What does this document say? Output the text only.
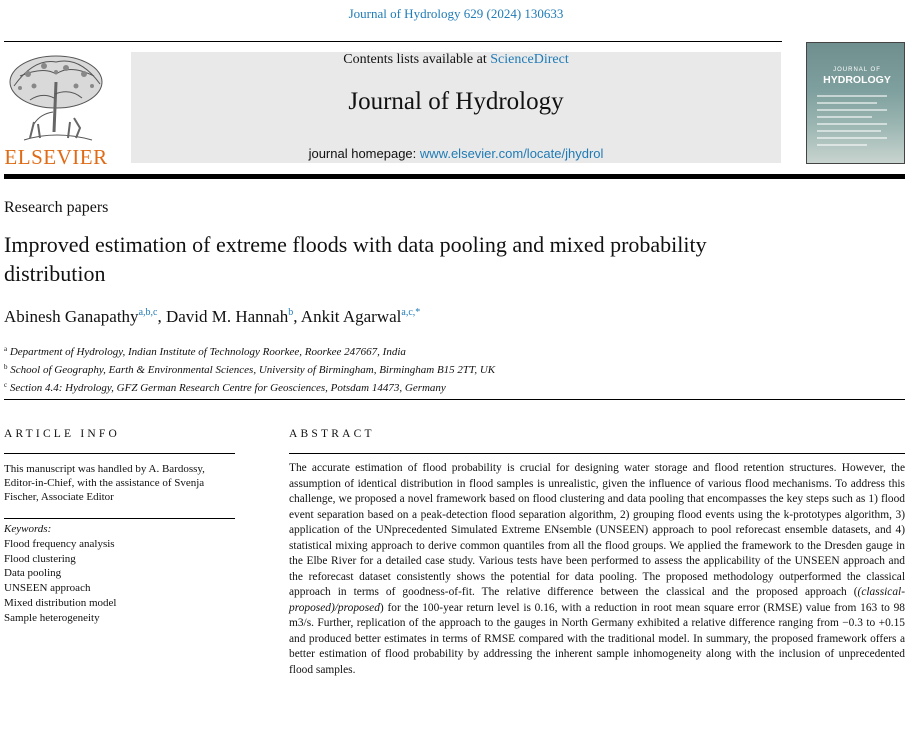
Journal of Hydrology 629 (2024) 130633
ELSEVIER
Contents lists available at ScienceDirect
Journal of Hydrology
journal homepage: www.elsevier.com/locate/jhydrol
JOURNAL OF
HYDROLOGY
Research papers
Improved estimation of extreme floods with data pooling and mixed probability distribution
Abinesh Ganapathy$^{a,b,c}$, David M. Hannah$^b$, Ankit Agarwal$^{a,c,*}$
$^a$ Department of Hydrology, Indian Institute of Technology Roorkee, Roorkee 247667, India
$^b$ School of Geography, Earth & Environmental Sciences, University of Birmingham, Birmingham B15 2TT, UK
$^c$ Section 4.4: Hydrology, GFZ German Research Centre for Geosciences, Potsdam 14473, Germany
ARTICLE INFO	ABSTRACT
This manuscript was handled by A. Bardossy, Editor-in-Chief, with the assistance of Svenja Fischer, Associate Editor
Keywords:
Flood frequency analysis
Flood clustering
Data pooling
UNSEEN approach
Mixed distribution model
Sample heterogeneity
The accurate estimation of flood probability is crucial for designing water storage and flood retention structures. However, the assumption of identical distribution in flood samples is unrealistic, given the influence of various flood mechanisms. To address this challenge, we proposed a novel framework based on flood clustering and data pooling that encompasses the key steps such as 1) flood event separation based on a peak-detection flood separation algorithm, 2) grouping flood events using the k-prototypes algorithm, 3) application of the UNprecedented Simulated Extreme ENsemble (UNSEEN) approach to pool reforecast ensemble datasets, and 4) statistical mixing approach to derive common quantiles from all the flood groups. We applied the framework to the Dresden gauge in the Elbe River for a detailed case study. Various tests have been performed to assess the applicability of the UNSEEN approach and the reforecast dataset consistently shows the potential for data pooling. The proposed methodology outperformed the classical approach in terms of goodness-of-fit. The relative difference between the classical and the proposed approach ((classical-proposed)/proposed) for the 100-year return level is 0.16, with a reduction in root mean square error (RMSE) value from 163 to 98 m3/s. Further, replication of the approach to the gauges in North Germany exhibited a relative difference ranging from −0.3 to +0.15 and produced better estimates in terms of RMSE compared with the traditional model. In summary, the proposed framework offers a better estimation of flood probability by addressing the inherent sample inhomogeneity along with the inclusion of unprecedented flood samples.
